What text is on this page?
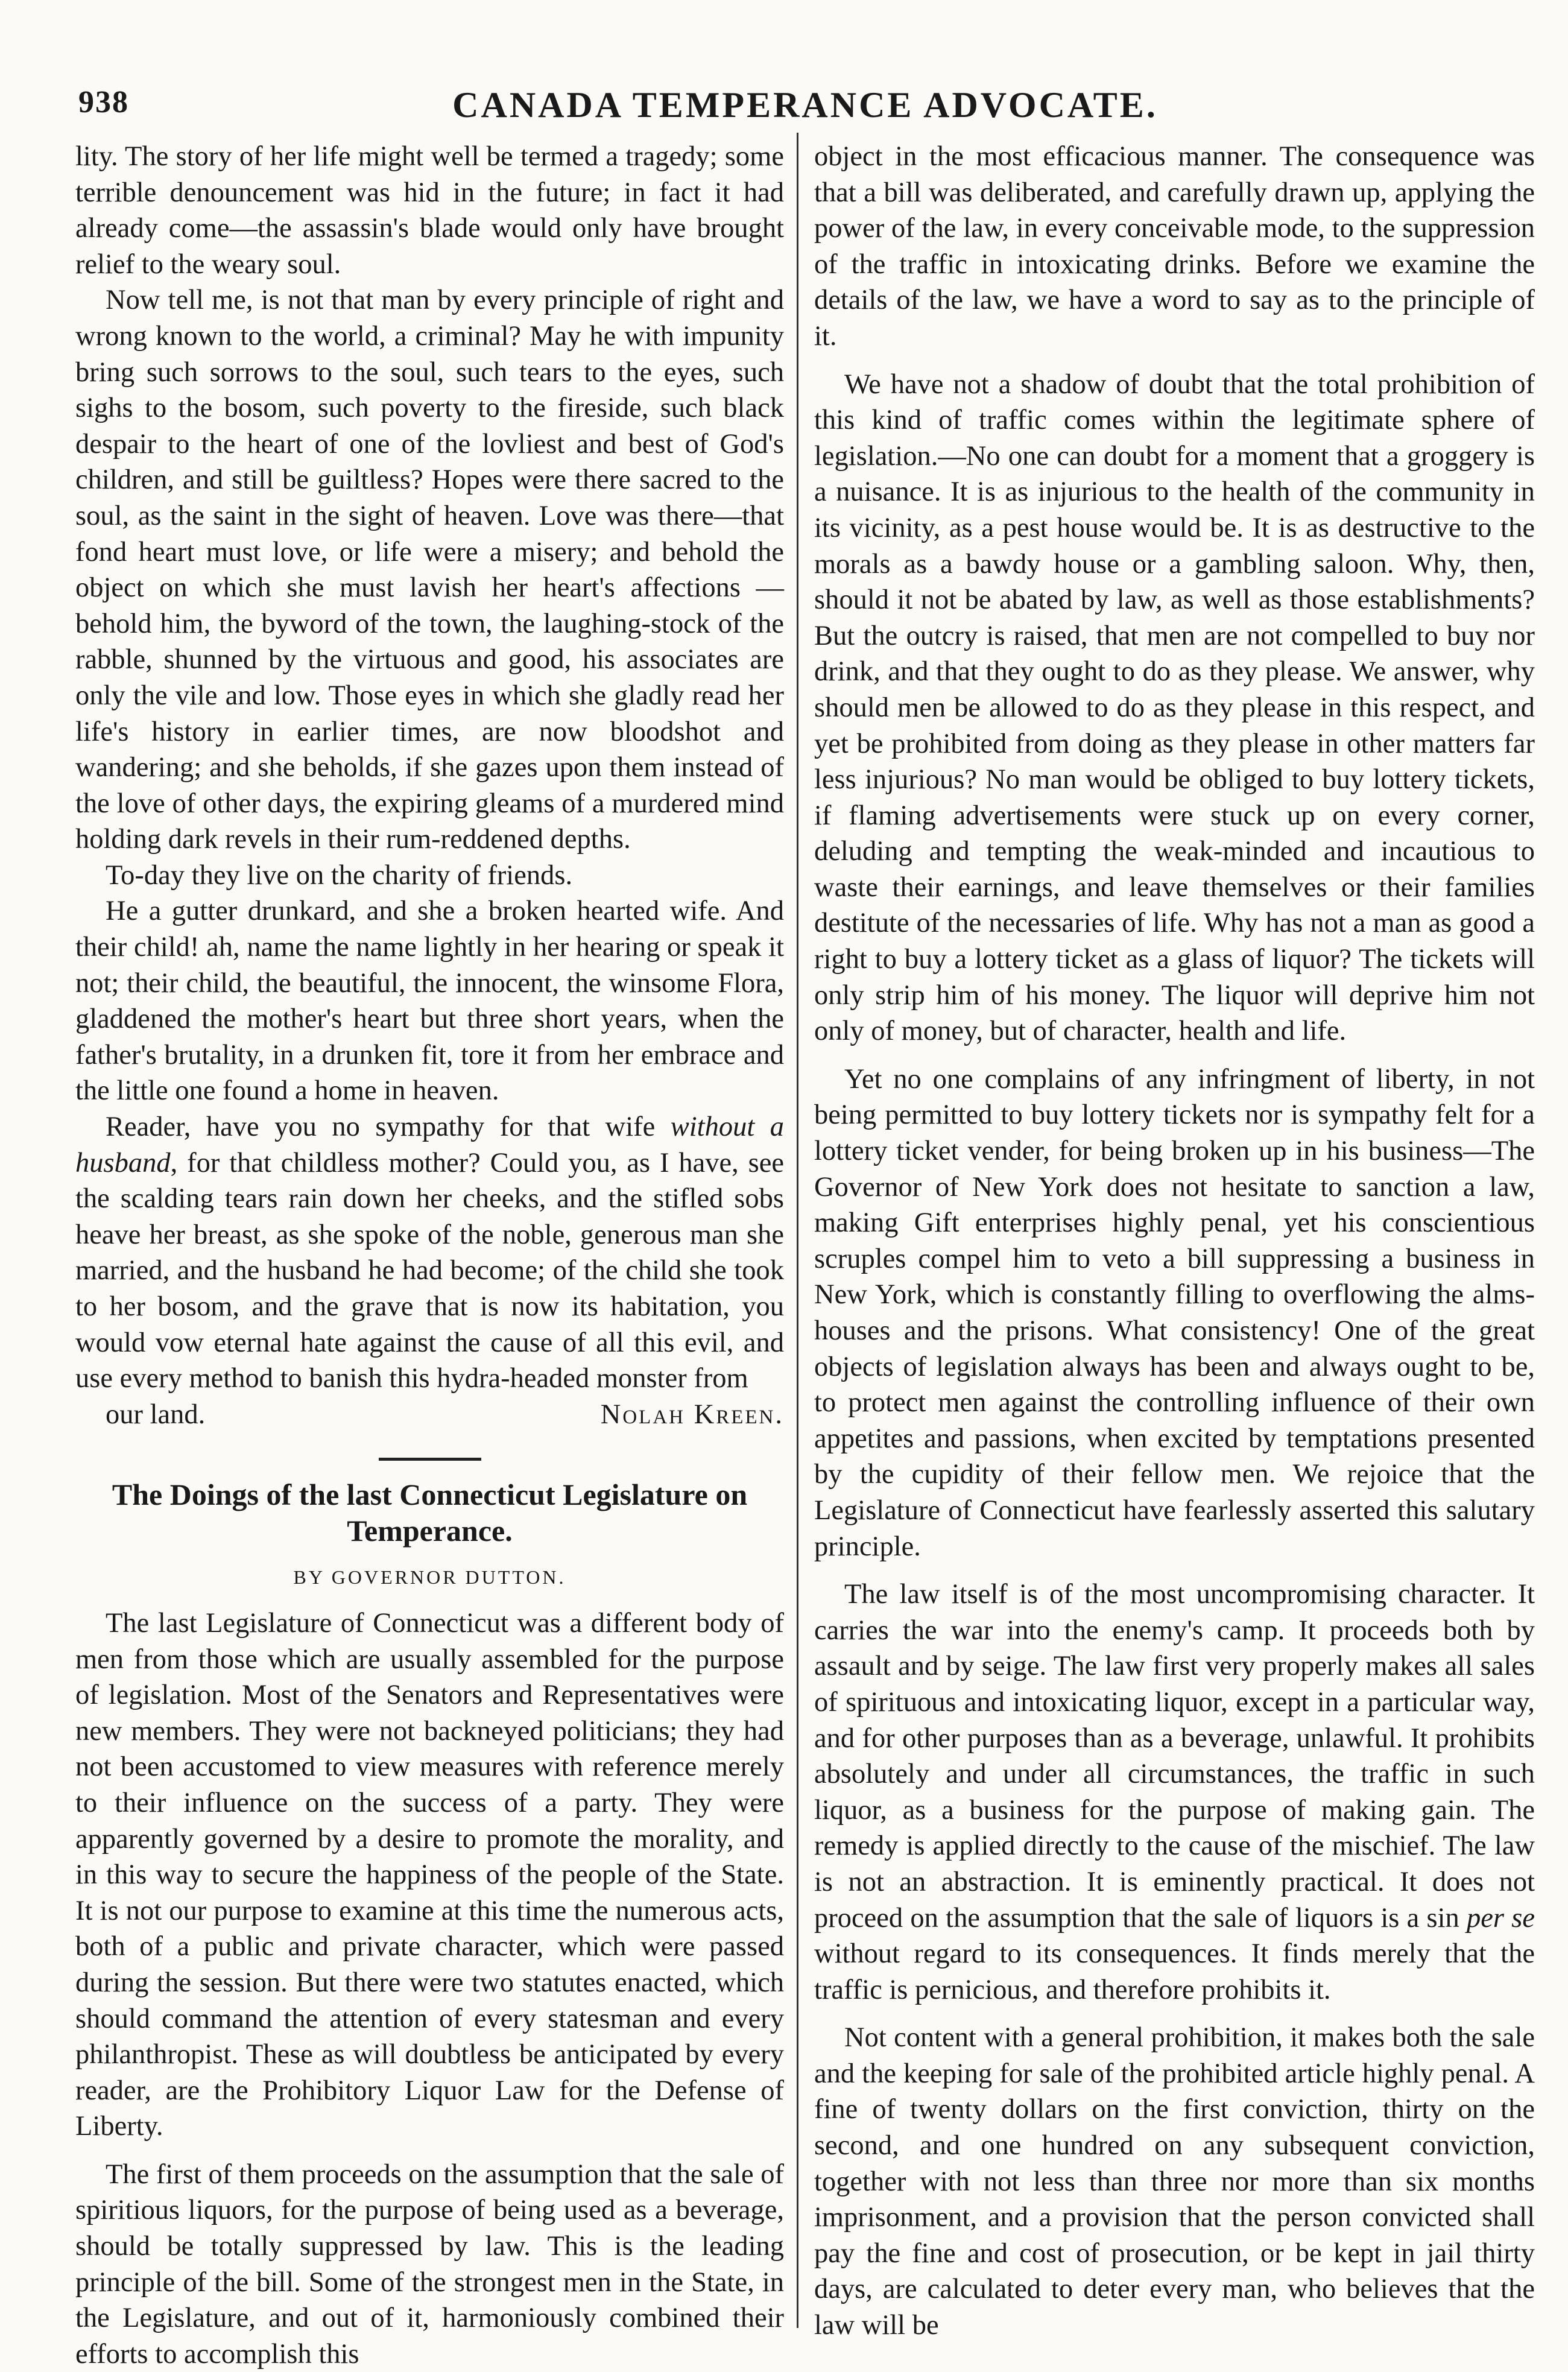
938	CANADA TEMPERANCE ADVOCATE.

lity. The story of her life might well be termed a tragedy; some terrible denouncement was hid in the future; in fact it had already come—the assassin's blade would only have brought relief to the weary soul.

Now tell me, is not that man by every principle of right and wrong known to the world, a criminal? May he with impunity bring such sorrows to the soul, such tears to the eyes, such sighs to the bosom, such poverty to the fireside, such black despair to the heart of one of the lovliest and best of God's children, and still be guiltless? Hopes were there sacred to the soul, as the saint in the sight of heaven. Love was there—that fond heart must love, or life were a misery; and behold the object on which she must lavish her heart's affections —behold him, the byword of the town, the laughing-stock of the rabble, shunned by the virtuous and good, his associates are only the vile and low. Those eyes in which she gladly read her life's history in earlier times, are now bloodshot and wandering; and she beholds, if she gazes upon them instead of the love of other days, the expiring gleams of a murdered mind holding dark revels in their rum-reddened depths.

To-day they live on the charity of friends.

He a gutter drunkard, and she a broken hearted wife. And their child! ah, name the name lightly in her hearing or speak it not; their child, the beautiful, the innocent, the winsome Flora, gladdened the mother's heart but three short years, when the father's brutality, in a drunken fit, tore it from her embrace and the little one found a home in heaven.

Reader, have you no sympathy for that wife without a husband, for that childless mother? Could you, as I have, see the scalding tears rain down her cheeks, and the stifled sobs heave her breast, as she spoke of the noble, generous man she married, and the husband he had become; of the child she took to her bosom, and the grave that is now its habitation, you would vow eternal hate against the cause of all this evil, and use every method to banish this hydra-headed monster from

our land.	Nolah Kreen.

The Doings of the last Connecticut Legislature on Temperance.
BY GOVERNOR DUTTON.

The last Legislature of Connecticut was a different body of men from those which are usually assembled for the purpose of legislation. Most of the Senators and Representatives were new members. They were not backneyed politicians; they had not been accustomed to view measures with reference merely to their influence on the success of a party. They were apparently governed by a desire to promote the morality, and in this way to secure the happiness of the people of the State. It is not our purpose to examine at this time the numerous acts, both of a public and private character, which were passed during the session. But there were two statutes enacted, which should command the attention of every statesman and every philanthropist. These as will doubtless be anticipated by every reader, are the Prohibitory Liquor Law for the Defense of Liberty.

The first of them proceeds on the assumption that the sale of spiritious liquors, for the purpose of being used as a beverage, should be totally suppressed by law. This is the leading principle of the bill. Some of the strongest men in the State, in the Legislature, and out of it, harmoniously combined their efforts to accomplish this

object in the most efficacious manner. The consequence was that a bill was deliberated, and carefully drawn up, applying the power of the law, in every conceivable mode, to the suppression of the traffic in intoxicating drinks. Before we examine the details of the law, we have a word to say as to the principle of it.

We have not a shadow of doubt that the total prohibition of this kind of traffic comes within the legitimate sphere of legislation.—No one can doubt for a moment that a groggery is a nuisance. It is as injurious to the health of the community in its vicinity, as a pest house would be. It is as destructive to the morals as a bawdy house or a gambling saloon. Why, then, should it not be abated by law, as well as those establishments? But the outcry is raised, that men are not compelled to buy nor drink, and that they ought to do as they please. We answer, why should men be allowed to do as they please in this respect, and yet be prohibited from doing as they please in other matters far less injurious? No man would be obliged to buy lottery tickets, if flaming advertisements were stuck up on every corner, deluding and tempting the weak-minded and incautious to waste their earnings, and leave themselves or their families destitute of the necessaries of life. Why has not a man as good a right to buy a lottery ticket as a glass of liquor? The tickets will only strip him of his money. The liquor will deprive him not only of money, but of character, health and life.

Yet no one complains of any infringment of liberty, in not being permitted to buy lottery tickets nor is sympathy felt for a lottery ticket vender, for being broken up in his business—The Governor of New York does not hesitate to sanction a law, making Gift enterprises highly penal, yet his conscientious scruples compel him to veto a bill suppressing a business in New York, which is constantly filling to overflowing the alms-houses and the prisons. What consistency! One of the great objects of legislation always has been and always ought to be, to protect men against the controlling influence of their own appetites and passions, when excited by temptations presented by the cupidity of their fellow men. We rejoice that the Legislature of Connecticut have fearlessly asserted this salutary principle.

The law itself is of the most uncompromising character. It carries the war into the enemy's camp. It proceeds both by assault and by seige. The law first very properly makes all sales of spirituous and intoxicating liquor, except in a particular way, and for other purposes than as a beverage, unlawful. It prohibits absolutely and under all circumstances, the traffic in such liquor, as a business for the purpose of making gain. The remedy is applied directly to the cause of the mischief. The law is not an abstraction. It is eminently practical. It does not proceed on the assumption that the sale of liquors is a sin per se without regard to its consequences. It finds merely that the traffic is pernicious, and therefore prohibits it.

Not content with a general prohibition, it makes both the sale and the keeping for sale of the prohibited article highly penal. A fine of twenty dollars on the first conviction, thirty on the second, and one hundred on any subsequent conviction, together with not less than three nor more than six months imprisonment, and a provision that the person convicted shall pay the fine and cost of prosecution, or be kept in jail thirty days, are calculated to deter every man, who believes that the law will be
